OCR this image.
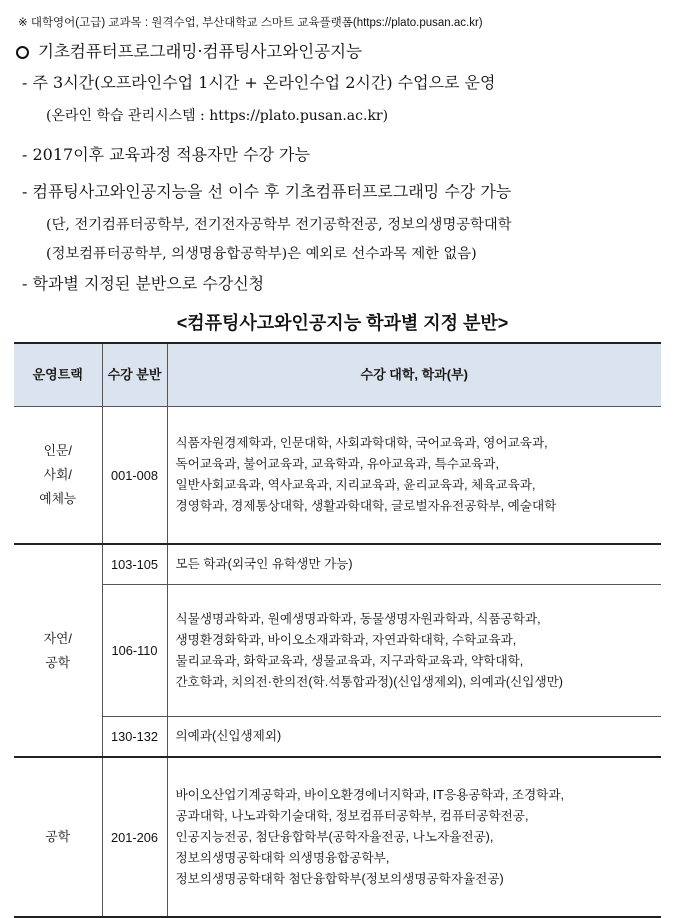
※ 대학영어(고급) 교과목 : 원격수업, 부산대학교 스마트 교육플랫폼(https://plato.pusan.ac.kr)
기초컴퓨터프로그래밍·컴퓨팅사고와인공지능
- 주 3시간(오프라인수업 1시간 + 온라인수업 2시간) 수업으로 운영
(온라인 학습 관리시스템 : https://plato.pusan.ac.kr)
- 2017이후 교육과정 적용자만 수강 가능
- 컴퓨팅사고와인공지능을 선 이수 후 기초컴퓨터프로그래밍 수강 가능
(단, 전기컴퓨터공학부, 전기전자공학부 전기공학전공, 정보의생명공학대학
(정보컴퓨터공학부, 의생명융합공학부)은 예외로 선수과목 제한 없음)
- 학과별 지정된 분반으로 수강신청
<컴퓨팅사고와인공지능 학과별 지정 분반>
운영트랙	수강 분반	수강 대학, 학과(부)
인문/
사회/
예체능	001-008	식품자원경제학과, 인문대학, 사회과학대학, 국어교육과, 영어교육과,
독어교육과, 불어교육과, 교육학과, 유아교육과, 특수교육과,
일반사회교육과, 역사교육과, 지리교육과, 윤리교육과, 체육교육과,
경영학과, 경제통상대학, 생활과학대학, 글로벌자유전공학부, 예술대학
자연/
공학	103-105	모든 학과(외국인 유학생만 가능)
	106-110	식물생명과학과, 원예생명과학과, 동물생명자원과학과, 식품공학과,
생명환경화학과, 바이오소재과학과, 자연과학대학, 수학교육과,
물리교육과, 화학교육과, 생물교육과, 지구과학교육과, 약학대학,
간호학과, 치의전·한의전(학.석통합과정)(신입생제외), 의예과(신입생만)
	130-132	의예과(신입생제외)
공학	201-206	바이오산업기계공학과, 바이오환경에너지학과, IT응용공학과, 조경학과,
공과대학, 나노과학기술대학, 정보컴퓨터공학부, 컴퓨터공학전공,
인공지능전공, 첨단융합학부(공학자율전공, 나노자율전공),
정보의생명공학대학 의생명융합공학부,
정보의생명공학대학 첨단융합학부(정보의생명공학자율전공)
